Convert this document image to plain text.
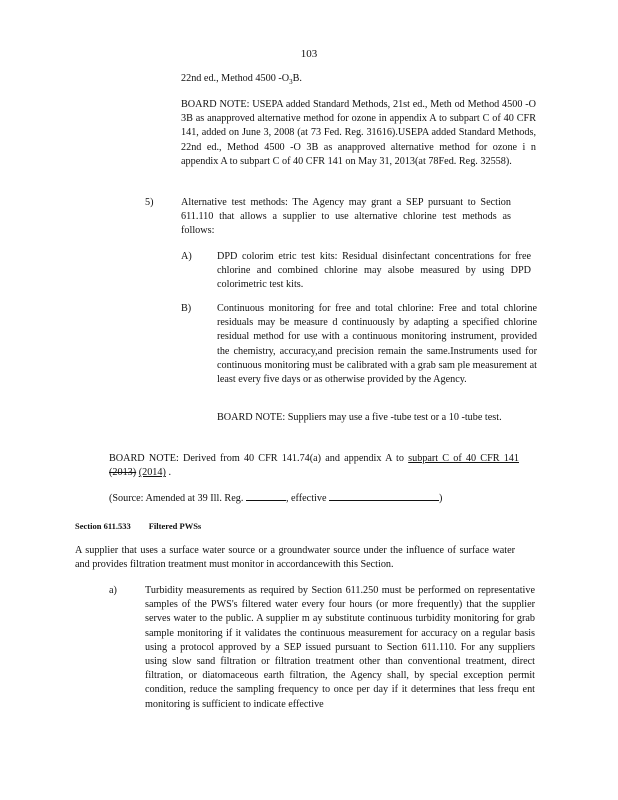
103

22nd ed., Method 4500 $-O_3B$.

BOARD NOTE: USEPA added Standard Methods, 21st ed., Meth od Method 4500 -O 3B as anapproved alternative method for ozone in appendix A to subpart C of 40 CFR 141, added on June 3, 2008 (at 73 Fed. Reg. 31616).USEPA added Standard Methods, 22nd ed., Method 4500 -O 3B as anapproved alternative method for ozone i n appendix A to subpart C of 40 CFR 141 on May 31, 2013(at 78Fed. Reg. 32558).

5)	Alternative test methods: The Agency may grant a SEP pursuant to Section 611.110 that allows a supplier to use alternative chlorine test methods as follows:

A) DPD colorim etric test kits: Residual disinfectant concentrations for free chlorine and combined chlorine may alsobe measured by using DPD colorimetric test kits.

B)	Continuous monitoring for free and total chlorine: Free and total chlorine residuals may be measure d continuously by adapting a specified chlorine residual method for use with a continuous monitoring instrument, provided the chemistry, accuracy,and precision remain the same.Instruments used for continuous monitoring must be calibrated with a grab sam ple measurement at least every five days or as otherwise provided by the Agency.

BOARD NOTE: Suppliers may use a five -tube test or a 10 -tube test.

BOARD NOTE: Derived from 40 CFR 141.74(a) and appendix A to subpart C of 40 CFR 141 (2013) (2014) .

(Source: Amended at 39 Ill. Reg.	, effective	)

Section 611.533 Filtered PWSs

A supplier that uses a surface water source or a groundwater source under the influence of surface water and provides filtration treatment must monitor in accordancewith this Section.

a)	Turbidity measurements as required by Section 611.250 must be performed on representative samples of the PWS's filtered water every four hours (or more frequently) that the supplier serves water to the public. A supplier m ay substitute continuous turbidity monitoring for grab sample monitoring if it validates the continuous measurement for accuracy on a regular basis using a protocol approved by a SEP issued pursuant to Section 611.110. For any suppliers using slow sand filtration or filtration treatment other than conventional treatment, direct filtration, or diatomaceous earth filtration, the Agency shall, by special exception permit condition, reduce the sampling frequency to once per day if it determines that less frequ ent monitoring is sufficient to indicate effective
